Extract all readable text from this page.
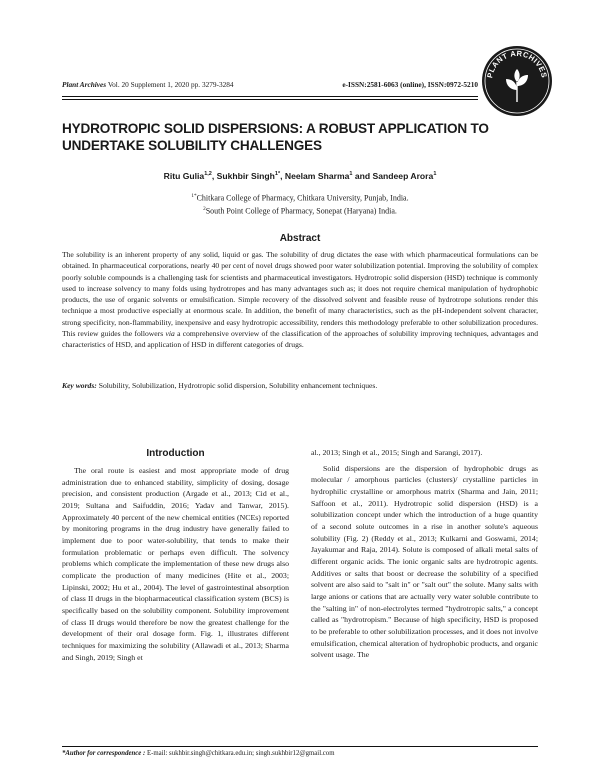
Plant Archives Vol. 20 Supplement 1, 2020 pp. 3279-3284	e-ISSN:2581-6063 (online), ISSN:0972-5210
PLANT ARCHIVES
HYDROTROPIC SOLID DISPERSIONS: A ROBUST APPLICATION TO UNDERTAKE SOLUBILITY CHALLENGES
Ritu Gulia$^{1,2}$, Sukhbir Singh$^{1*}$, Neelam Sharma$^1$ and Sandeep Arora$^1$
$^{1*}$Chitkara College of Pharmacy, Chitkara University, Punjab, India.
$^2$South Point College of Pharmacy, Sonepat (Haryana) India.
Abstract
The solubility is an inherent property of any solid, liquid or gas. The solubility of drug dictates the ease with which pharmaceutical formulations can be obtained. In pharmaceutical corporations, nearly 40 per cent of novel drugs showed poor water solubilization potential. Improving the solubility of complex poorly soluble compounds is a challenging task for scientists and pharmaceutical investigators. Hydrotropic solid dispersion (HSD) technique is commonly used to increase solvency to many folds using hydrotropes and has many advantages such as; it does not require chemical manipulation of hydrophobic products, the use of organic solvents or emulsification. Simple recovery of the dissolved solvent and feasible reuse of hydrotrope solutions render this technique a most productive especially at enormous scale. In addition, the benefit of many characteristics, such as the pH-independent solvent character, strong specificity, non-flammability, inexpensive and easy hydrotropic accessibility, renders this methodology preferable to other solubilization procedures. This review guides the followers via a comprehensive overview of the classification of the approaches of solubility improving techniques, advantages and characteristics of HSD, and application of HSD in different categories of drugs.
Key words: Solubility, Solubilization, Hydrotropic solid dispersion, Solubility enhancement techniques.
Introduction

The oral route is easiest and most appropriate mode of drug administration due to enhanced stability, simplicity of dosing, dosage precision, and consistent production (Argade et al., 2013; Cid et al., 2019; Sultana and Saifuddin, 2016; Yadav and Tanwar, 2015). Approximately 40 percent of the new chemical entities (NCEs) reported by monitoring programs in the drug industry have generally failed to implement due to poor water-solubility, that tends to make their formulation problematic or perhaps even difficult. The solvency problems which complicate the implementation of these new drugs also complicate the production of many medicines (Hite et al., 2003; Lipinski, 2002; Hu et al., 2004). The level of gastrointestinal absorption of class II drugs in the biopharmaceutical classification system (BCS) is specifically based on the solubility component. Solubility improvement of class II drugs would therefore be now the greatest challenge for the development of their oral dosage form. Fig. 1, illustrates different techniques for maximizing the solubility (Allawadi et al., 2013; Sharma and Singh, 2019; Singh et

al., 2013; Singh et al., 2015; Singh and Sarangi, 2017).

Solid dispersions are the dispersion of hydrophobic drugs as molecular / amorphous particles (clusters)/ crystalline particles in hydrophilic crystalline or amorphous matrix (Sharma and Jain, 2011; Saffoon et al., 2011). Hydrotropic solid dispersion (HSD) is a solubilization concept under which the introduction of a huge quantity of a second solute outcomes in a rise in another solute's aqueous solubility (Fig. 2) (Reddy et al., 2013; Kulkarni and Goswami, 2014; Jayakumar and Raja, 2014). Solute is composed of alkali metal salts of different organic acids. The ionic organic salts are hydrotropic agents. Additives or salts that boost or decrease the solubility of a specified solvent are also said to "salt in" or "salt out" the solute. Many salts with large anions or cations that are actually very water soluble contribute to the "salting in" of non-electrolytes termed "hydrotropic salts," a concept called as "hydrotropism." Because of high specificity, HSD is proposed to be preferable to other solubilization processes, and it does not involve emulsification, chemical alteration of hydrophobic products, and organic solvent usage. The

*Author for correspondence : E-mail: sukhbir.singh@chitkara.edu.in; singh.sukhbir12@gmail.com
